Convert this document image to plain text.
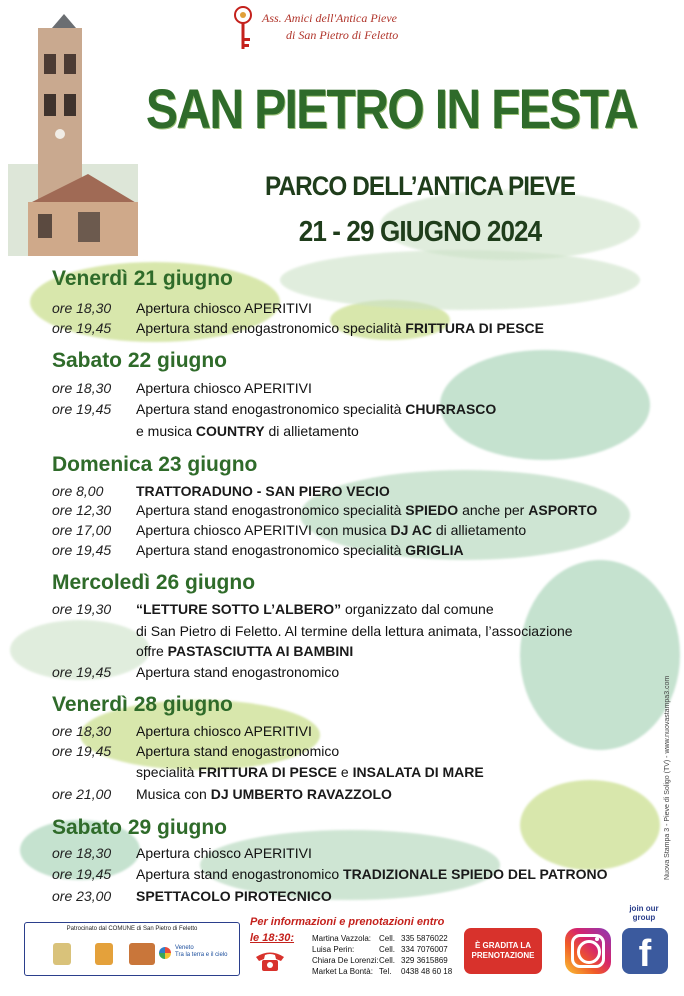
Ass. Amici dell'Antica Pieve
di San Pietro di Feletto
SAN PIETRO IN FESTA
PARCO DELL’ANTICA PIEVE
21 - 29 GIUGNO 2024
Venerdì 21 giugno
ore 18,30 Apertura chiosco APERITIVI
ore 19,45 Apertura stand enogastronomico specialità FRITTURA DI PESCE
Sabato 22 giugno
ore 18,30 Apertura chiosco APERITIVI
ore 19,45 Apertura stand enogastronomico specialità CHURRASCO
e musica COUNTRY di allietamento
Domenica 23 giugno
ore 8,00 TRATTORADUNO - SAN PIERO VECIO
ore 12,30 Apertura stand enogastronomico specialità SPIEDO anche per ASPORTO
ore 17,00 Apertura chiosco APERITIVI con musica DJ AC di allietamento
ore 19,45 Apertura stand enogastronomico specialità GRIGLIA
Mercoledì 26 giugno
ore 19,30 “LETTURE SOTTO L’ALBERO” organizzato dal comune
di San Pietro di Feletto. Al termine della lettura animata, l’associazione
offre PASTASCIUTTA AI BAMBINI
ore 19,45 Apertura stand enogastronomico
Venerdì 28 giugno
ore 18,30 Apertura chiosco APERITIVI
ore 19,45 Apertura stand enogastronomico
specialità FRITTURA DI PESCE e INSALATA DI MARE
ore 21,00 Musica con DJ UMBERTO RAVAZZOLO
Sabato 29 giugno
ore 18,30 Apertura chiosco APERITIVI
ore 19,45 Apertura stand enogastronomico TRADIZIONALE SPIEDO DEL PATRONO
ore 23,00 SPETTACOLO PIROTECNICO
Nuova Stampa 3 - Pieve di Soligo (TV) - www.nuovastampa3.com
Patrocinato dal COMUNE di San Pietro di Feletto
Veneto
Tra la terra e il cielo
Per informazioni e prenotazioni entro
le 18:30: Martina Vazzola:	Cell. 335 5876022
Luisa Perin:	Cell. 334 7076007
Chiara De Lorenzi: Cell. 329 3615869
Market La Bontà: Tel.	0438 48 60 18
È GRADITA LA
PRENOTAZIONE
join our
group
f
